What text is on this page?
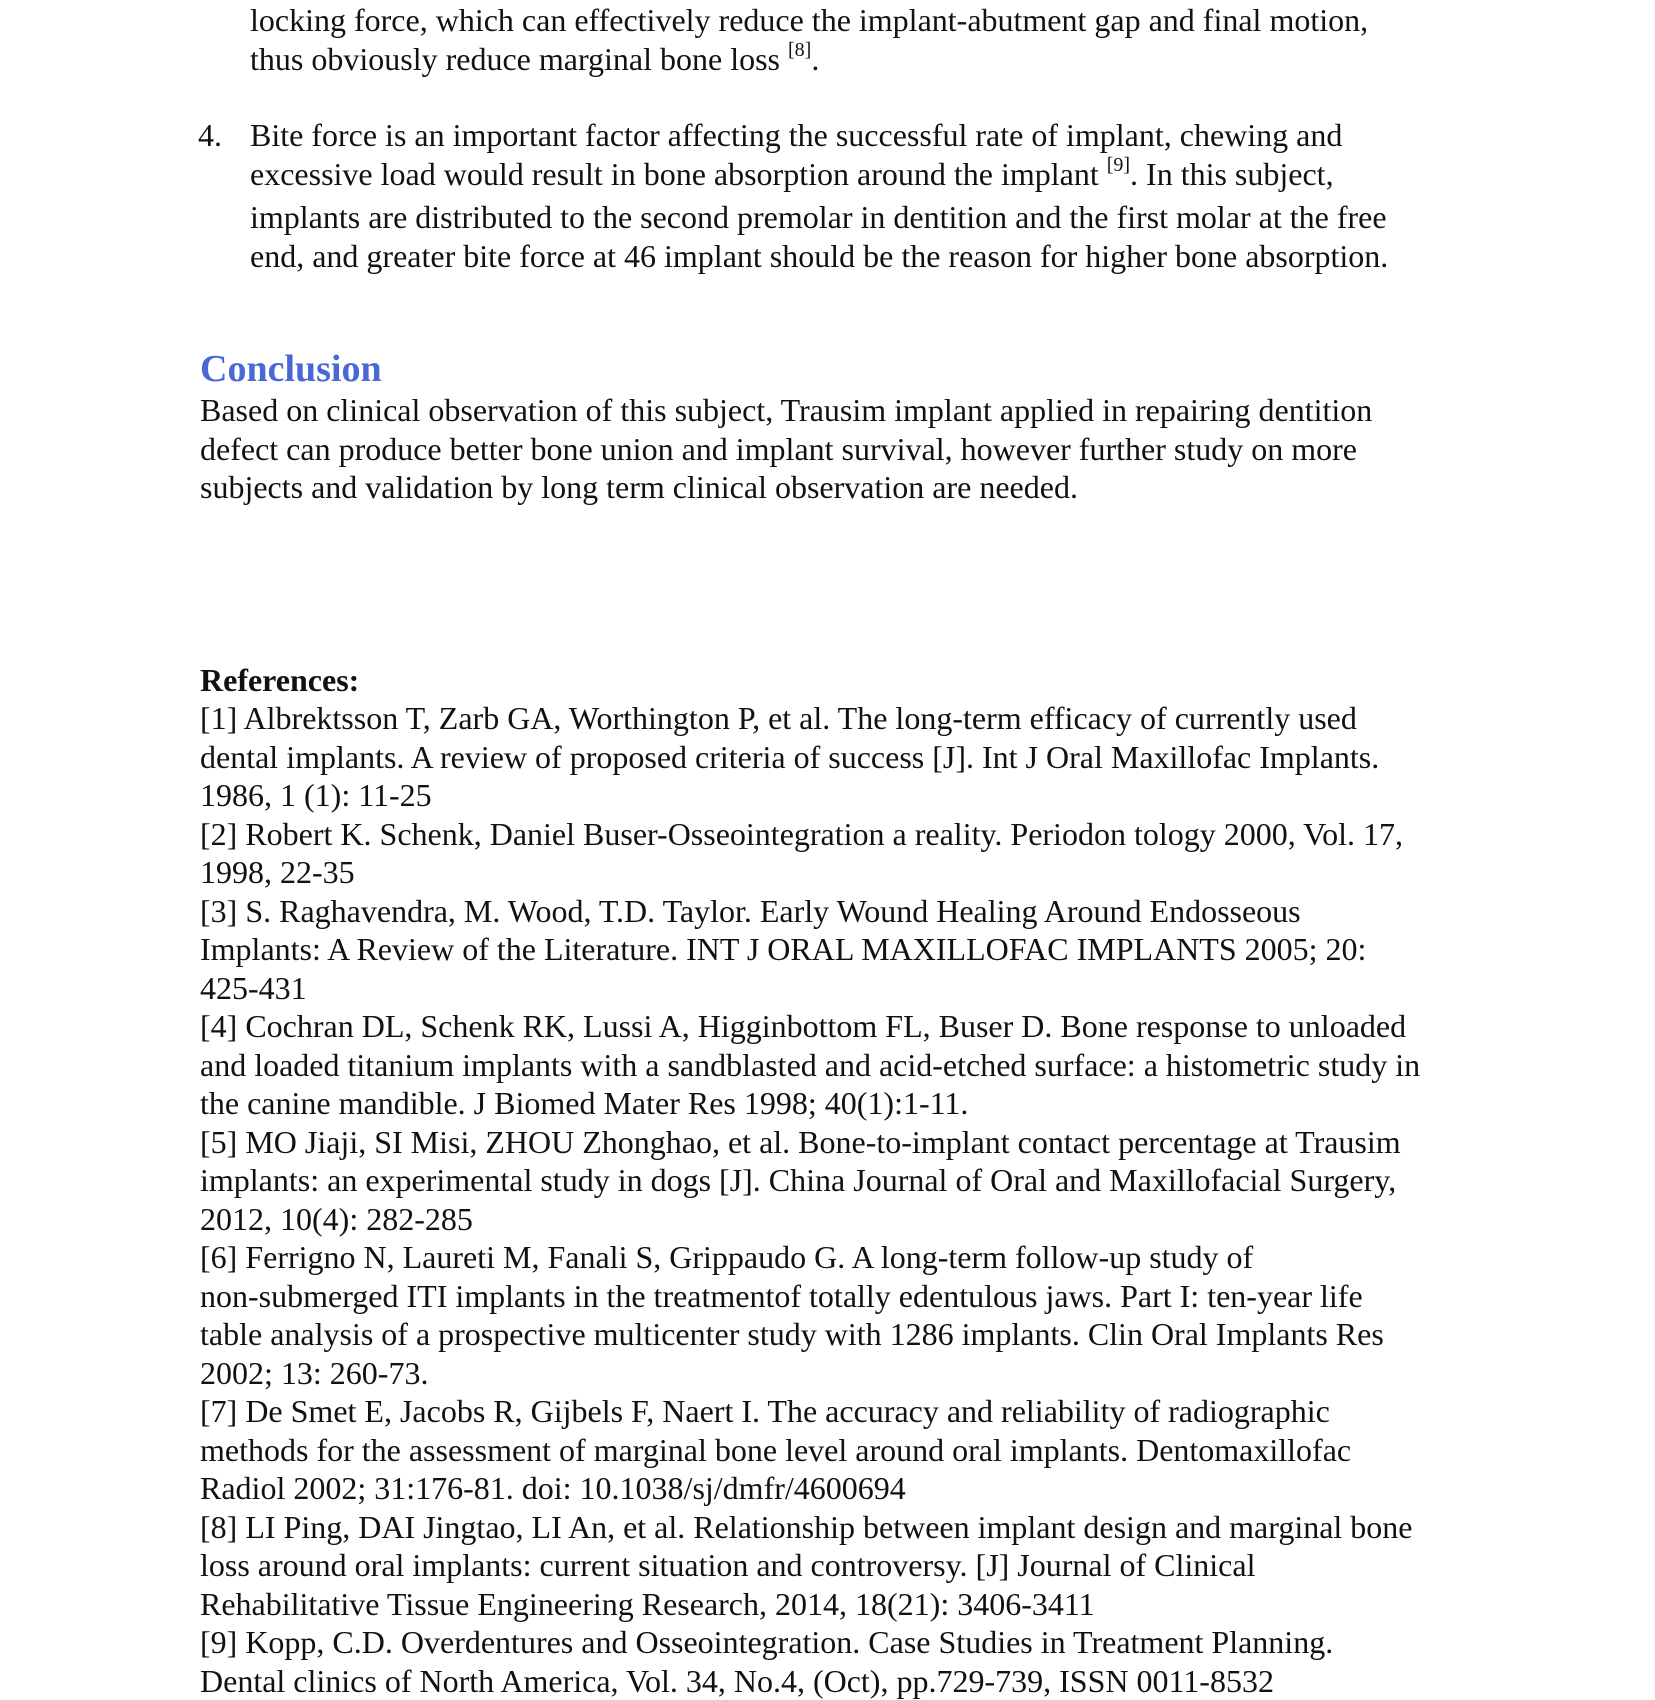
locking force, which can effectively reduce the implant-abutment gap and final motion,
thus obviously reduce marginal bone loss [8].
4. Bite force is an important factor affecting the successful rate of implant, chewing and
excessive load would result in bone absorption around the implant [9]. In this subject,
implants are distributed to the second premolar in dentition and the first molar at the free
end, and greater bite force at 46 implant should be the reason for higher bone absorption.
Conclusion
Based on clinical observation of this subject, Trausim implant applied in repairing dentition
defect can produce better bone union and implant survival, however further study on more
subjects and validation by long term clinical observation are needed.
References:
[1] Albrektsson T, Zarb GA, Worthington P, et al. The long-term efficacy of currently used
dental implants. A review of proposed criteria of success [J]. Int J Oral Maxillofac Implants.
1986, 1 (1): 11-25
[2] Robert K. Schenk, Daniel Buser-Osseointegration a reality. Periodon tology 2000, Vol. 17,
1998, 22-35
[3] S. Raghavendra, M. Wood, T.D. Taylor. Early Wound Healing Around Endosseous
Implants: A Review of the Literature. INT J ORAL MAXILLOFAC IMPLANTS 2005; 20:
425-431
[4] Cochran DL, Schenk RK, Lussi A, Higginbottom FL, Buser D. Bone response to unloaded
and loaded titanium implants with a sandblasted and acid-etched surface: a histometric study in
the canine mandible. J Biomed Mater Res 1998; 40(1):1-11.
[5] MO Jiaji, SI Misi, ZHOU Zhonghao, et al. Bone-to-implant contact percentage at Trausim
implants: an experimental study in dogs [J]. China Journal of Oral and Maxillofacial Surgery,
2012, 10(4): 282-285
[6] Ferrigno N, Laureti M, Fanali S, Grippaudo G. A long-term follow-up study of
non-submerged ITI implants in the treatmentof totally edentulous jaws. Part I: ten-year life
table analysis of a prospective multicenter study with 1286 implants. Clin Oral Implants Res
2002; 13: 260-73.
[7] De Smet E, Jacobs R, Gijbels F, Naert I. The accuracy and reliability of radiographic
methods for the assessment of marginal bone level around oral implants. Dentomaxillofac
Radiol 2002; 31:176-81. doi: 10.1038/sj/dmfr/4600694
[8] LI Ping, DAI Jingtao, LI An, et al. Relationship between implant design and marginal bone
loss around oral implants: current situation and controversy. [J] Journal of Clinical
Rehabilitative Tissue Engineering Research, 2014, 18(21): 3406-3411
[9] Kopp, C.D. Overdentures and Osseointegration. Case Studies in Treatment Planning.
Dental clinics of North America, Vol. 34, No.4, (Oct), pp.729-739, ISSN 0011-8532
